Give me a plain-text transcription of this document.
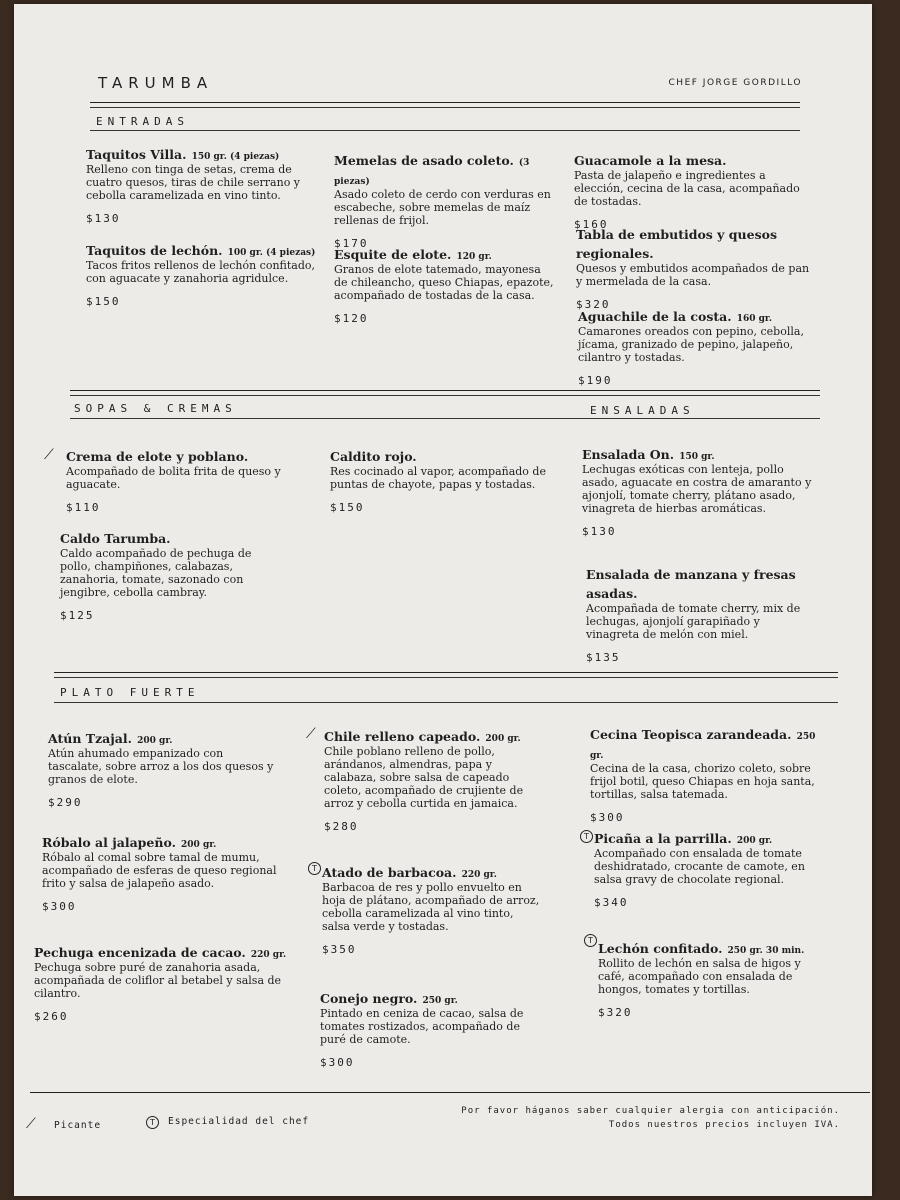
TARUMBA	CHEF JORGE GORDILLO
ENTRADAS
Taquitos Villa. 150 gr. (4 piezas)
Relleno con tinga de setas, crema de cuatro quesos, tiras de chile serrano y cebolla caramelizada en vino tinto.
$130
Taquitos de lechón. 100 gr. (4 piezas)
Tacos fritos rellenos de lechón confitado, con aguacate y zanahoria agridulce.
$150
Memelas de asado coleto. (3 piezas)
Asado coleto de cerdo con verduras en escabeche, sobre memelas de maíz rellenas de frijol.
$170
Esquite de elote. 120 gr.
Granos de elote tatemado, mayonesa de chileancho, queso Chiapas, epazote, acompañado de tostadas de la casa.
$120
Guacamole a la mesa.
Pasta de jalapeño e ingredientes a elección, cecina de la casa, acompañado de tostadas.
$160
Tabla de embutidos y quesos regionales.
Quesos y embutidos acompañados de pan y mermelada de la casa.
$320
Aguachile de la costa. 160 gr.
Camarones oreados con pepino, cebolla, jícama, granizado de pepino, jalapeño, cilantro y tostadas.
$190
SOPAS & CREMAS	ENSALADAS
⟋ Crema de elote y poblano.
Acompañado de bolita frita de queso y aguacate.
$110
Caldo Tarumba.
Caldo acompañado de pechuga de pollo, champiñones, calabazas, zanahoria, tomate, sazonado con jengibre, cebolla cambray.
$125
Caldito rojo.
Res cocinado al vapor, acompañado de puntas de chayote, papas y tostadas.
$150
Ensalada On. 150 gr.
Lechugas exóticas con lenteja, pollo asado, aguacate en costra de amaranto y ajonjolí, tomate cherry, plátano asado, vinagreta de hierbas aromáticas.
$130
Ensalada de manzana y fresas asadas.
Acompañada de tomate cherry, mix de lechugas, ajonjolí garapiñado y vinagreta de melón con miel.
$135
PLATO FUERTE
Atún Tzajal. 200 gr.
Atún ahumado empanizado con tascalate, sobre arroz a los dos quesos y granos de elote.
$290
Róbalo al jalapeño. 200 gr.
Róbalo al comal sobre tamal de mumu, acompañado de esferas de queso regional frito y salsa de jalapeño asado.
$300
Pechuga encenizada de cacao. 220 gr.
Pechuga sobre puré de zanahoria asada, acompañada de coliflor al betabel y salsa de cilantro.
$260
⟋ Chile relleno capeado. 200 gr.
Chile poblano relleno de pollo, arándanos, almendras, papa y calabaza, sobre salsa de capeado coleto, acompañado de crujiente de arroz y cebolla curtida en jamaica.
$280
T Atado de barbacoa. 220 gr.
Barbacoa de res y pollo envuelto en hoja de plátano, acompañado de arroz, cebolla caramelizada al vino tinto, salsa verde y tostadas.
$350
Conejo negro. 250 gr.
Pintado en ceniza de cacao, salsa de tomates rostizados, acompañado de puré de camote.
$300
Cecina Teopisca zarandeada. 250 gr.
Cecina de la casa, chorizo coleto, sobre frijol botil, queso Chiapas en hoja santa, tortillas, salsa tatemada.
$300
T Picaña a la parrilla. 200 gr.
Acompañado con ensalada de tomate deshidratado, crocante de camote, en salsa gravy de chocolate regional.
$340
T
Lechón confitado. 250 gr. 30 min.
Rollito de lechón en salsa de higos y café, acompañado con ensalada de hongos, tomates y tortillas.
$320
⟋ Picante	T	Especialidad del chef
Por favor háganos saber cualquier alergia con anticipación.
Todos nuestros precios incluyen IVA.
